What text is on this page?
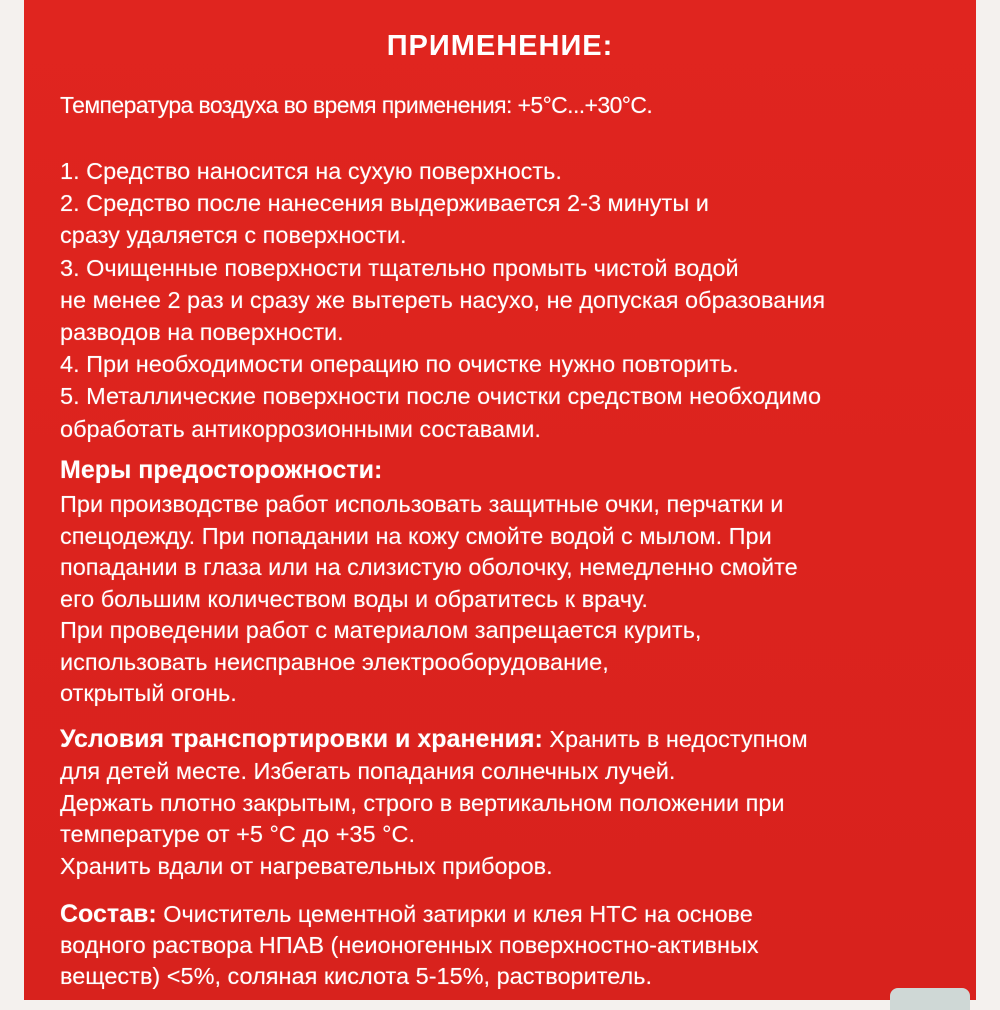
ПРИМЕНЕНИЕ:
Температура воздуха во время применения: +5°С...+30°С.
1. Средство наносится на сухую поверхность.
2. Средство после нанесения выдерживается 2-3 минуты и
сразу удаляется с поверхности.
3. Очищенные поверхности тщательно промыть чистой водой
не менее 2 раз и сразу же вытереть насухо, не допуская образования
разводов на поверхности.
4. При необходимости операцию по очистке нужно повторить.
5. Металлические поверхности после очистки средством необходимо
обработать антикоррозионными составами.
Меры предосторожности:
При производстве работ использовать защитные очки, перчатки и
спецодежду. При попадании на кожу смойте водой с мылом. При
попадании в глаза или на слизистую оболочку, немедленно смойте
его большим количеством воды и обратитесь к врачу.
При проведении работ с материалом запрещается курить,
использовать неисправное электрооборудование,
открытый огонь.
Условия транспортировки и хранения: Хранить в недоступном
для детей месте. Избегать попадания солнечных лучей.
Держать плотно закрытым, строго в вертикальном положении при
температуре от +5 °С до +35 °С.
Хранить вдали от нагревательных приборов.
Состав: Очиститель цементной затирки и клея НТС на основе
водного раствора НПАВ (неионогенных поверхностно-активных
веществ) <5%, соляная кислота 5-15%, растворитель.
